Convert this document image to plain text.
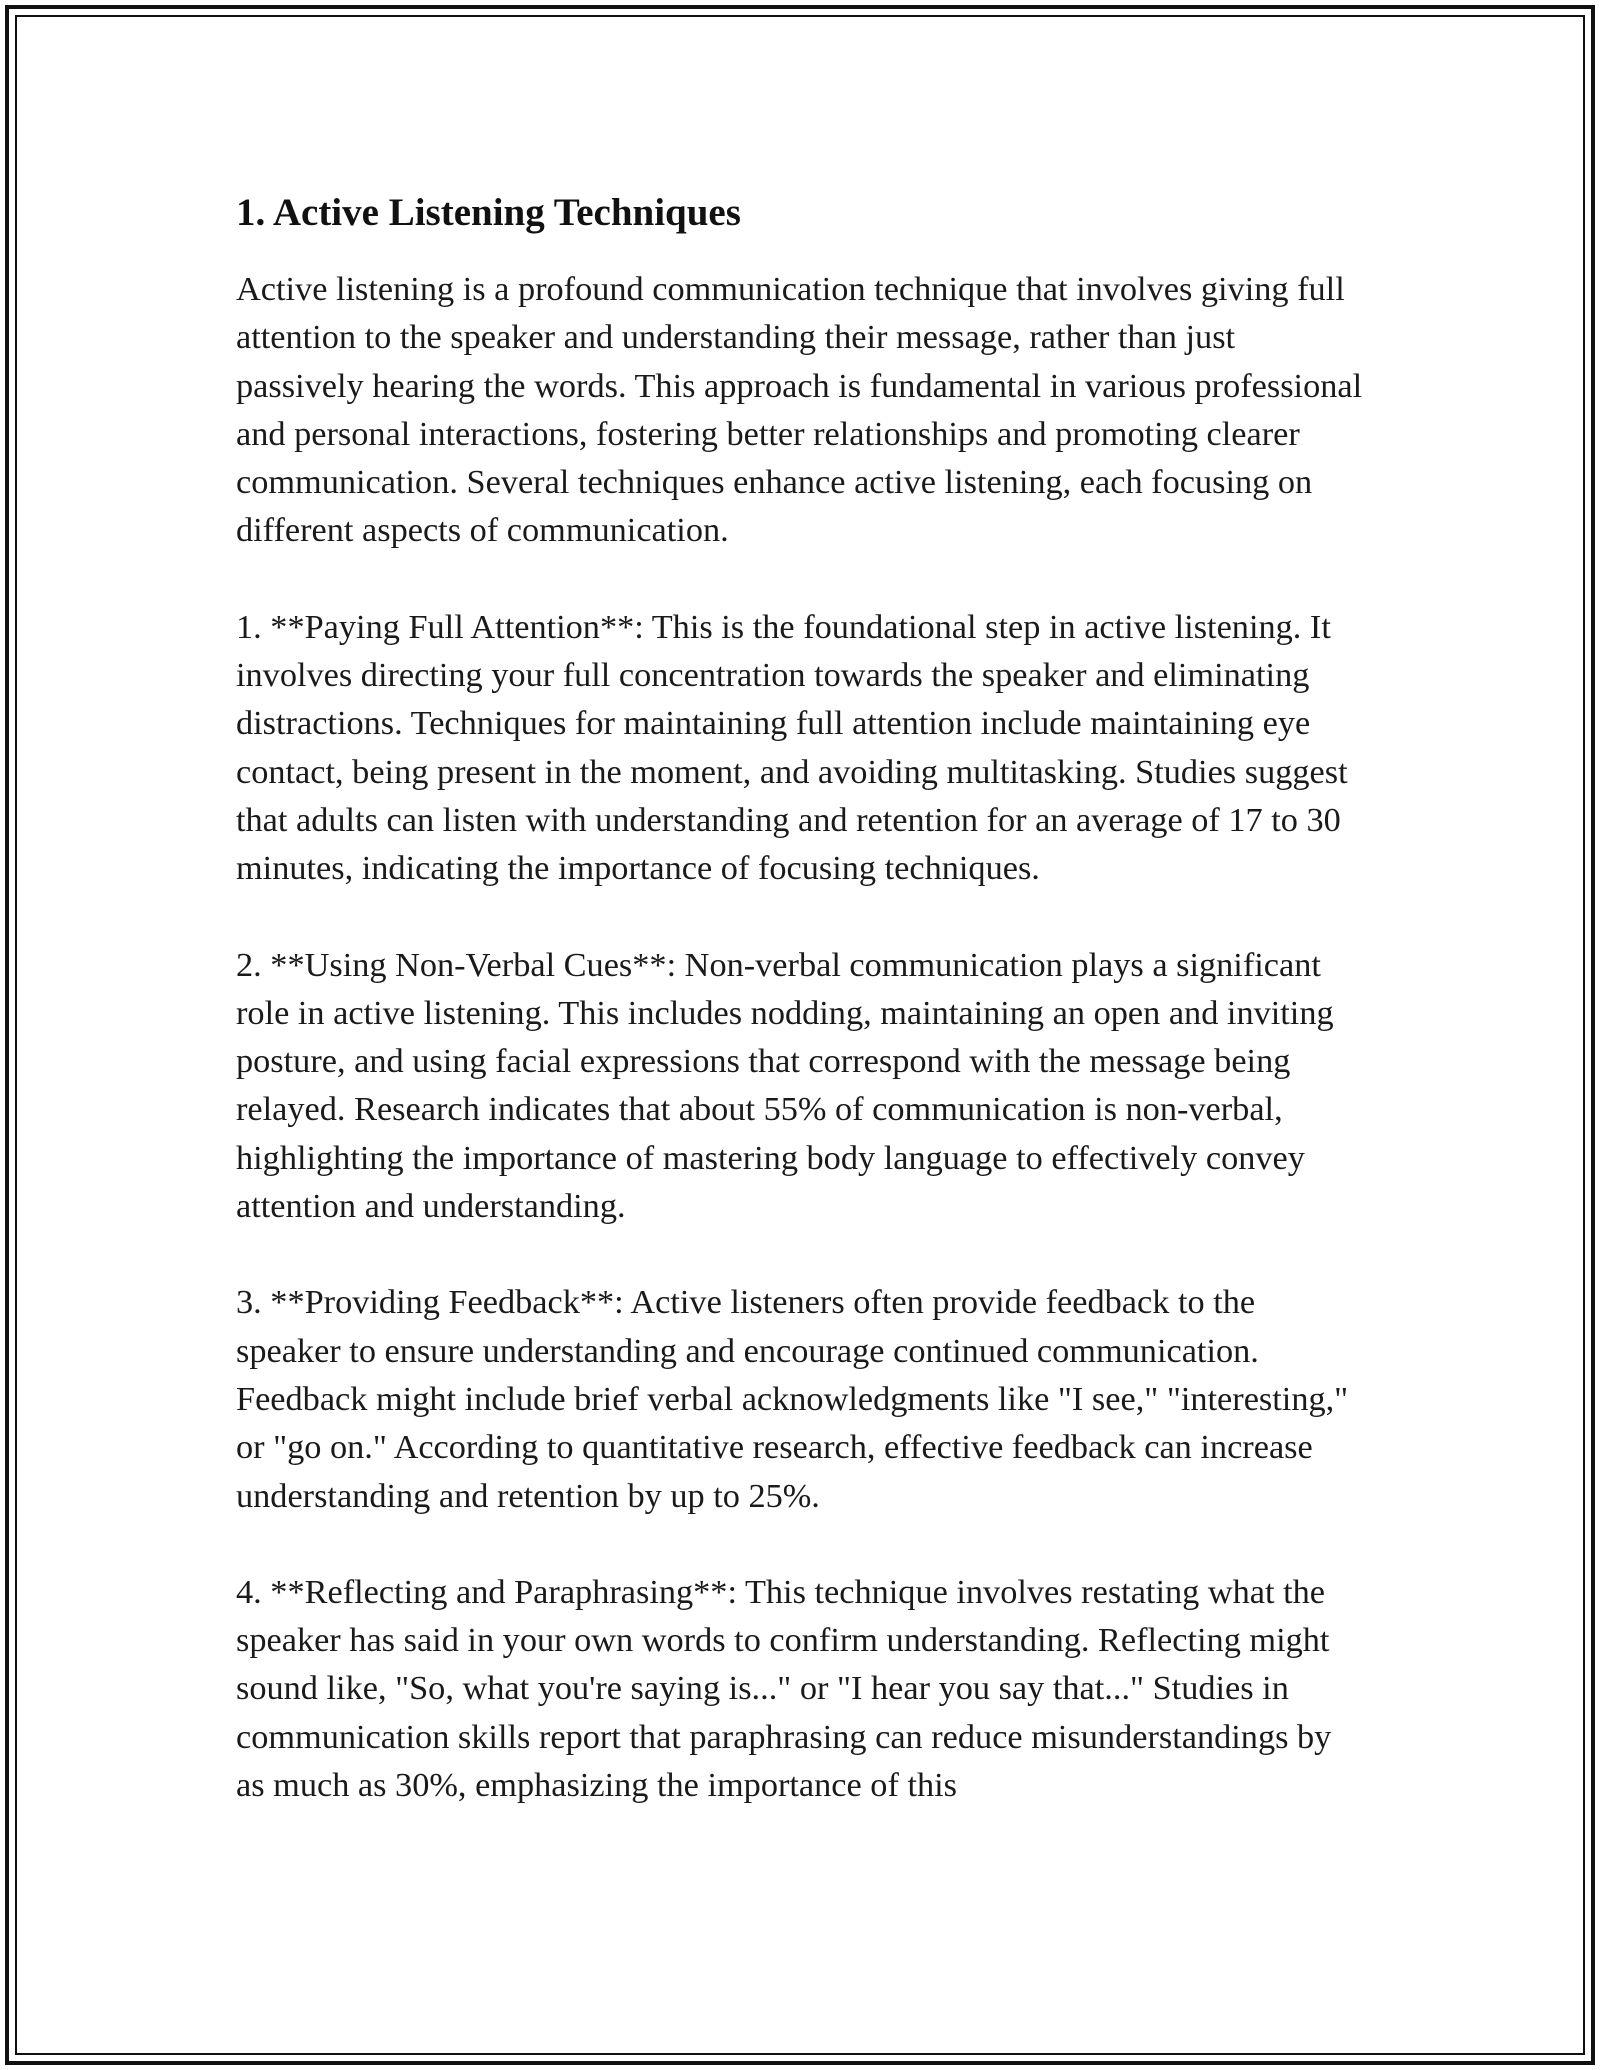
1. Active Listening Techniques

Active listening is a profound communication technique that involves giving full attention to the speaker and understanding their message, rather than just passively hearing the words. This approach is fundamental in various professional and personal interactions, fostering better relationships and promoting clearer communication. Several techniques enhance active listening, each focusing on different aspects of communication.

1. **Paying Full Attention**: This is the foundational step in active listening. It involves directing your full concentration towards the speaker and eliminating distractions. Techniques for maintaining full attention include maintaining eye contact, being present in the moment, and avoiding multitasking. Studies suggest that adults can listen with understanding and retention for an average of 17 to 30 minutes, indicating the importance of focusing techniques.

2. **Using Non-Verbal Cues**: Non-verbal communication plays a significant role in active listening. This includes nodding, maintaining an open and inviting posture, and using facial expressions that correspond with the message being relayed. Research indicates that about 55% of communication is non-verbal, highlighting the importance of mastering body language to effectively convey attention and understanding.

3. **Providing Feedback**: Active listeners often provide feedback to the speaker to ensure understanding and encourage continued communication. Feedback might include brief verbal acknowledgments like "I see," "interesting," or "go on." According to quantitative research, effective feedback can increase understanding and retention by up to 25%.

4. **Reflecting and Paraphrasing**: This technique involves restating what the speaker has said in your own words to confirm understanding. Reflecting might sound like, "So, what you're saying is..." or "I hear you say that..." Studies in communication skills report that paraphrasing can reduce misunderstandings by as much as 30%, emphasizing the importance of this
